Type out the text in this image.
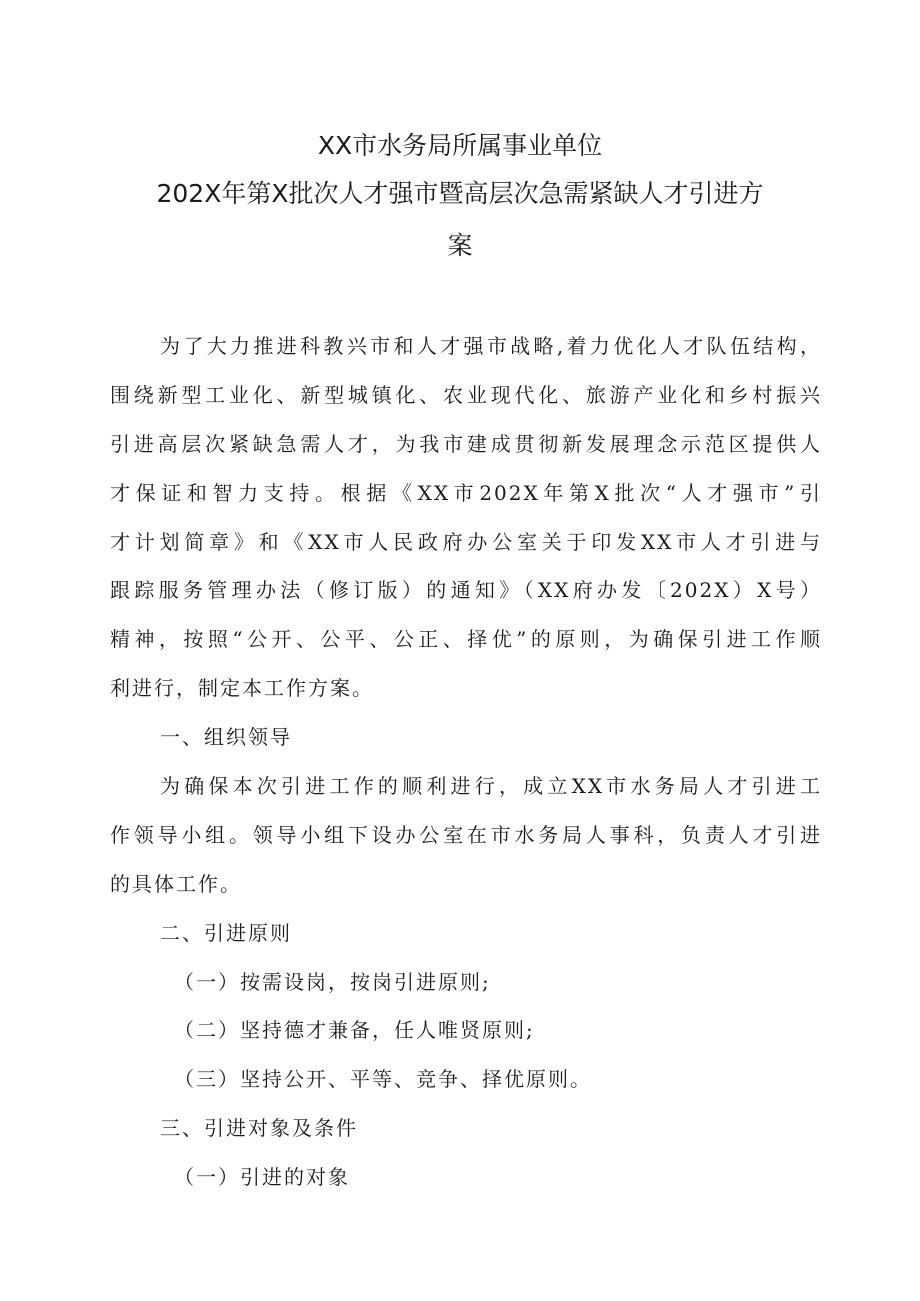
XX市水务局所属事业单位
202X年第X批次人才强市暨高层次急需紧缺人才引进方
案
为了大力推进科教兴市和人才强市战略,着力优化人才队伍结构，
围绕新型工业化、新型城镇化、农业现代化、旅游产业化和乡村振兴
引进高层次紧缺急需人才，为我市建成贯彻新发展理念示范区提供人
才保证和智力支持。根据《XX市202X年第X批次“人才强市”引
才计划简章》和《XX市人民政府办公室关于印发XX市人才引进与
跟踪服务管理办法（修订版）的通知》（XX府办发〔202X）X号）
精神，按照“公开、公平、公正、择优”的原则，为确保引进工作顺
利进行，制定本工作方案。
一、组织领导
为确保本次引进工作的顺利进行，成立XX市水务局人才引进工
作领导小组。领导小组下设办公室在市水务局人事科，负责人才引进
的具体工作。
二、引进原则
（一）按需设岗，按岗引进原则;
（二）坚持德才兼备，任人唯贤原则;
（三）坚持公开、平等、竞争、择优原则。
三、引进对象及条件
（一）引进的对象
